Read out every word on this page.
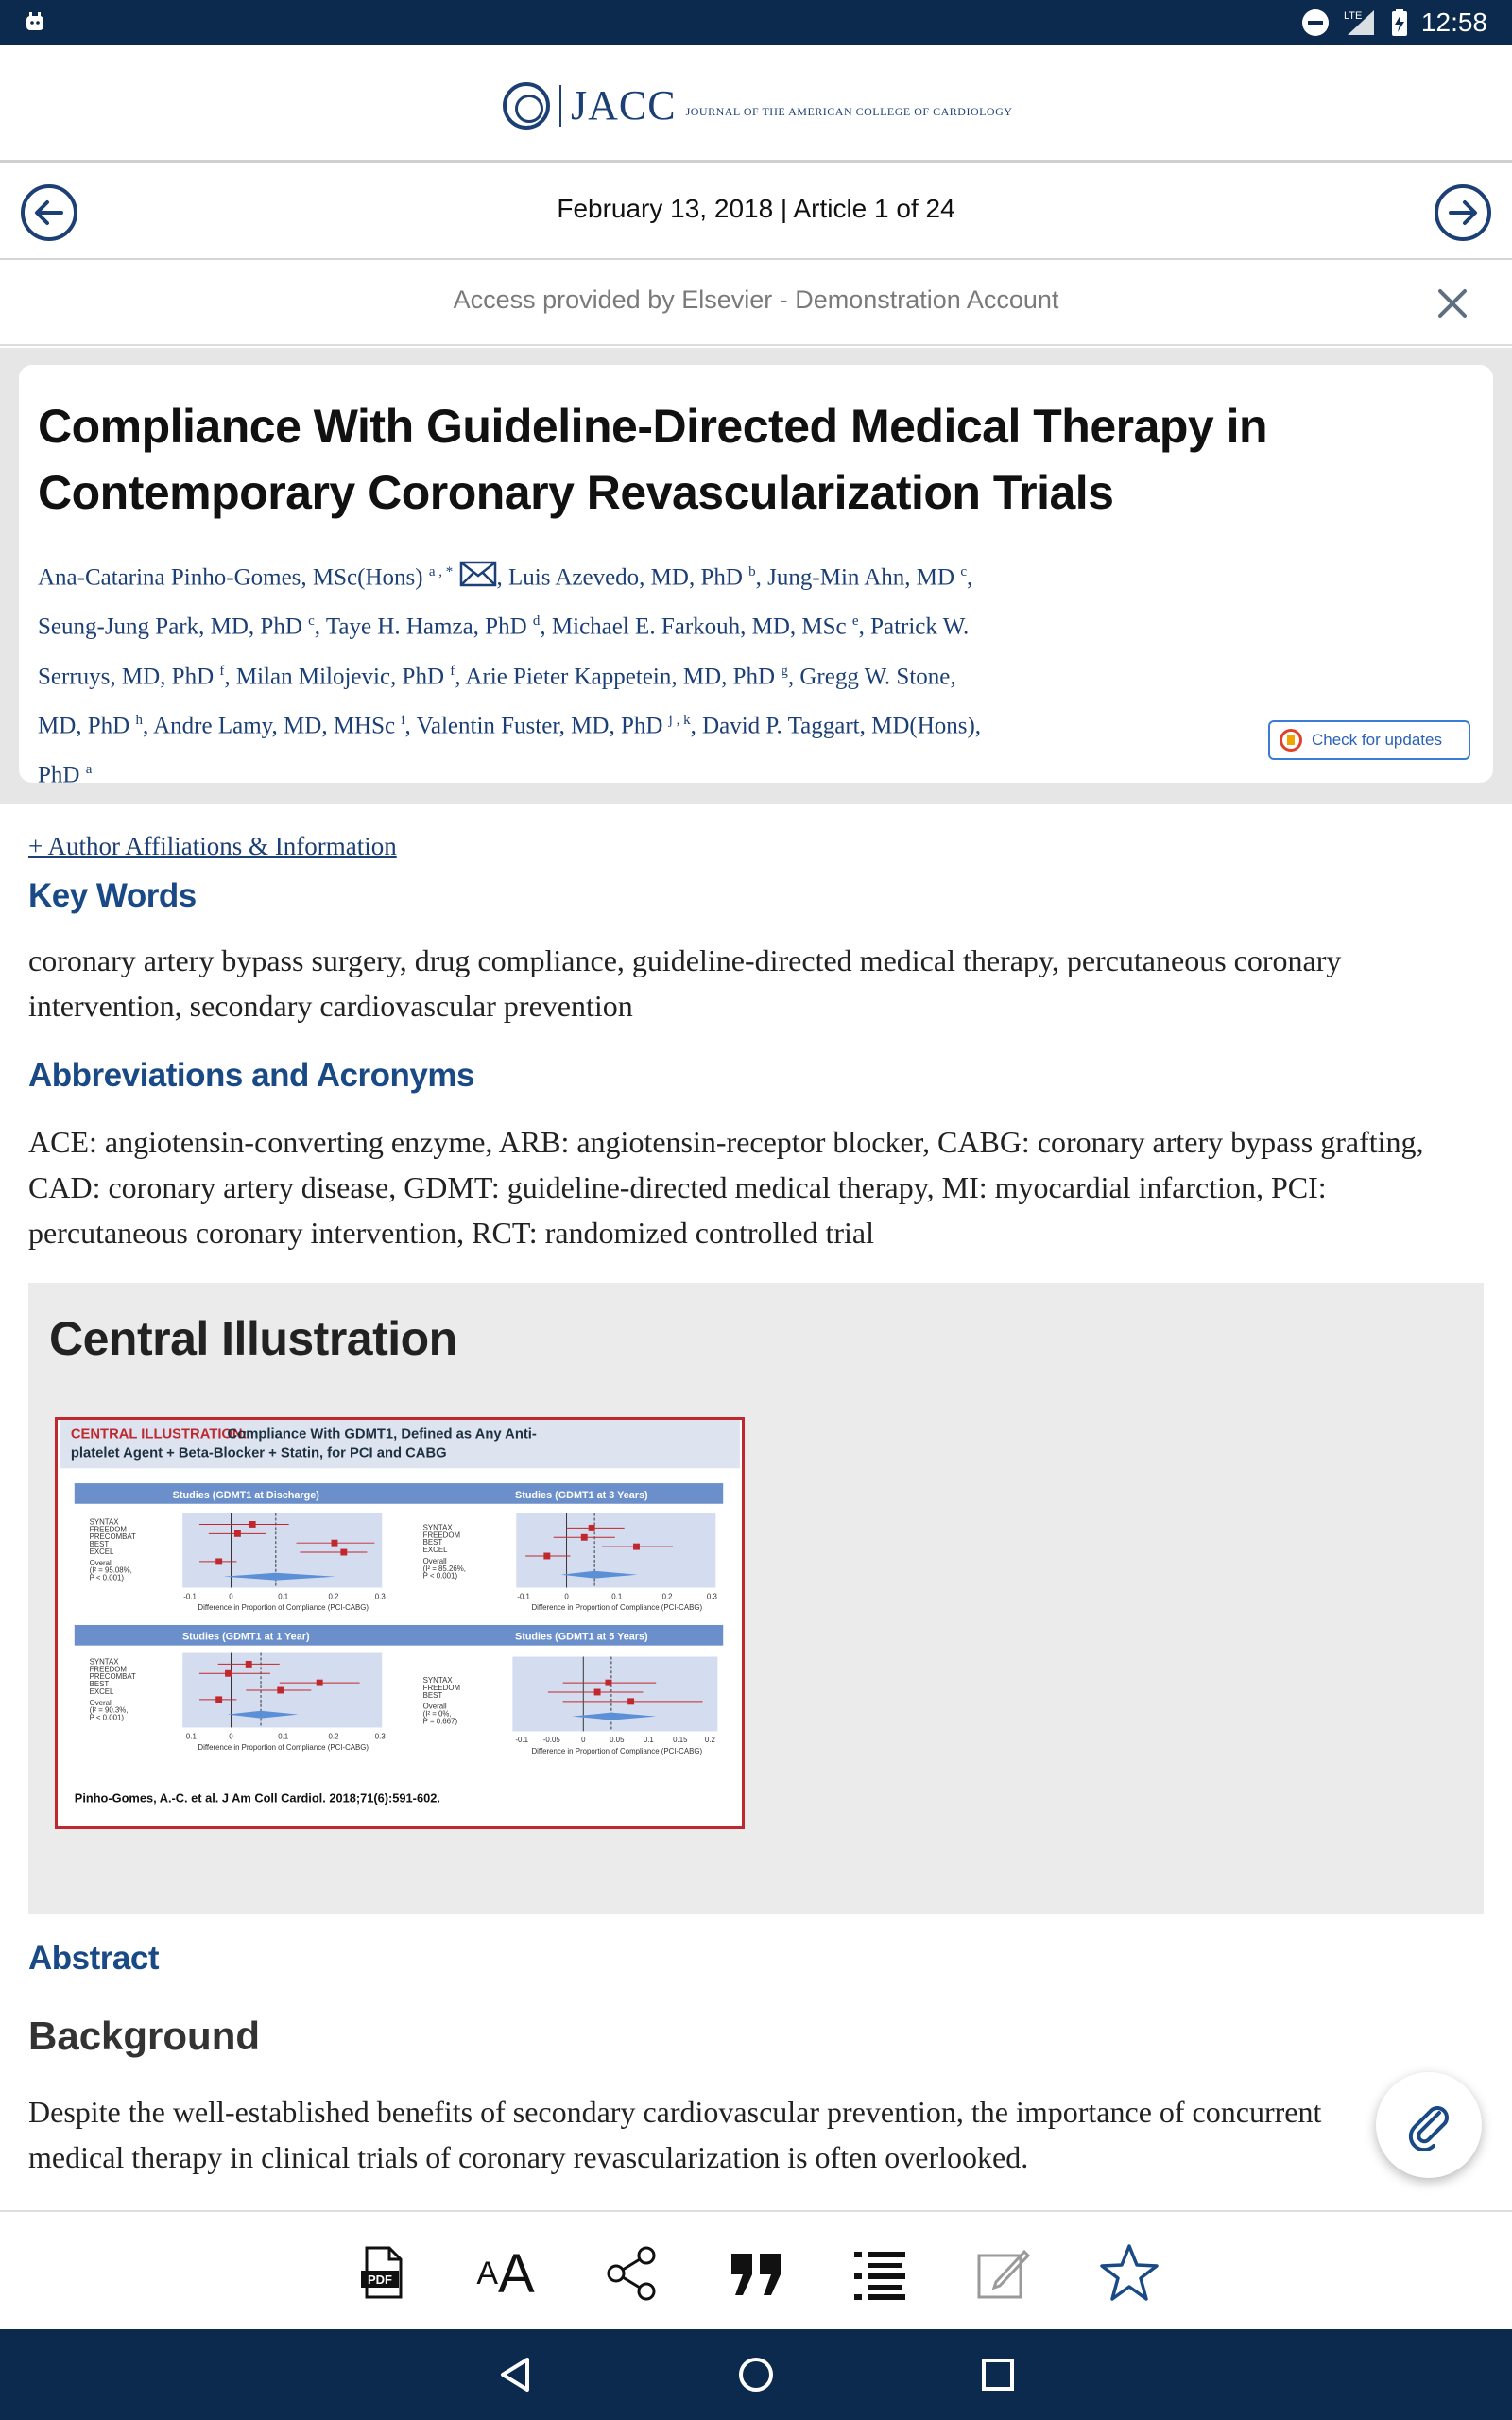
LTE 12:58
JACC JOURNAL OF THE AMERICAN COLLEGE OF CARDIOLOGY
February 13, 2018 | Article 1 of 24
Access provided by Elsevier - Demonstration Account
Compliance With Guideline-Directed Medical Therapy in
Contemporary Coronary Revascularization Trials
Ana-Catarina Pinho-Gomes, MSc(Hons) $^{a , *}$ , Luis Azevedo, MD, PhD $^b$, Jung-Min Ahn, MD $^c$, Seung-Jung Park, MD, PhD $^c$, Taye H. Hamza, PhD $^d$, Michael E. Farkouh, MD, MSc $^e$, Patrick W. Serruys, MD, PhD $^f$, Milan Milojevic, PhD $^f$, Arie Pieter Kappetein, MD, PhD $^g$, Gregg W. Stone, MD, PhD $^h$, Andre Lamy, MD, MHSc $^i$, Valentin Fuster, MD, PhD $^{j , k}$, David P. Taggart, MD(Hons), PhD $^a$
Check for updates
+ Author Affiliations & Information
Key Words
coronary artery bypass surgery, drug compliance, guideline-directed medical therapy, percutaneous coronary intervention, secondary cardiovascular prevention
Abbreviations and Acronyms
ACE: angiotensin-converting enzyme, ARB: angiotensin-receptor blocker, CABG: coronary artery bypass grafting, CAD: coronary artery disease, GDMT: guideline-directed medical therapy, MI: myocardial infarction, PCI: percutaneous coronary intervention, RCT: randomized controlled trial
Central Illustration
CENTRAL ILLUSTRATION:
Compliance With GDMT1, Defined as Any Anti-
platelet Agent + Beta-Blocker + Statin, for PCI and CABG
Studies (GDMT1 at Discharge)	Studies (GDMT1 at 3 Years)
Studies (GDMT1 at 1 Year)	Studies (GDMT1 at 5 Years)
SYNTAX
FREEDOM
PRECOMBAT
BEST
EXCEL
Overall
(I² = 95.08%,
P < 0.001)
-0.1	0	0.1	0.2	0.3
Difference in Proportion of Compliance (PCI-CABG)
SYNTAX
FREEDOM
BEST
EXCEL
Overall
(I² = 85.26%,
P < 0.001)
-0.1	0	0.1	0.2	0.3
Difference in Proportion of Compliance (PCI-CABG)
SYNTAX
FREEDOM
PRECOMBAT
BEST
EXCEL
Overall
(I² = 90.3%,
P < 0.001)
-0.1	0	0.1	0.2	0.3
Difference in Proportion of Compliance (PCI-CABG)
SYNTAX
FREEDOM
BEST
Overall
(I² = 0%,
P = 0.667)
-0.1 -0.05	0	0.05	0.1	0.15 0.2
Difference in Proportion of Compliance (PCI-CABG)
Pinho-Gomes, A.-C. et al. J Am Coll Cardiol. 2018;71(6):591-602.
Abstract
Background
Despite the well-established benefits of secondary cardiovascular prevention, the importance of concurrent medical therapy in clinical trials of coronary revascularization is often overlooked.
PDF	A A
